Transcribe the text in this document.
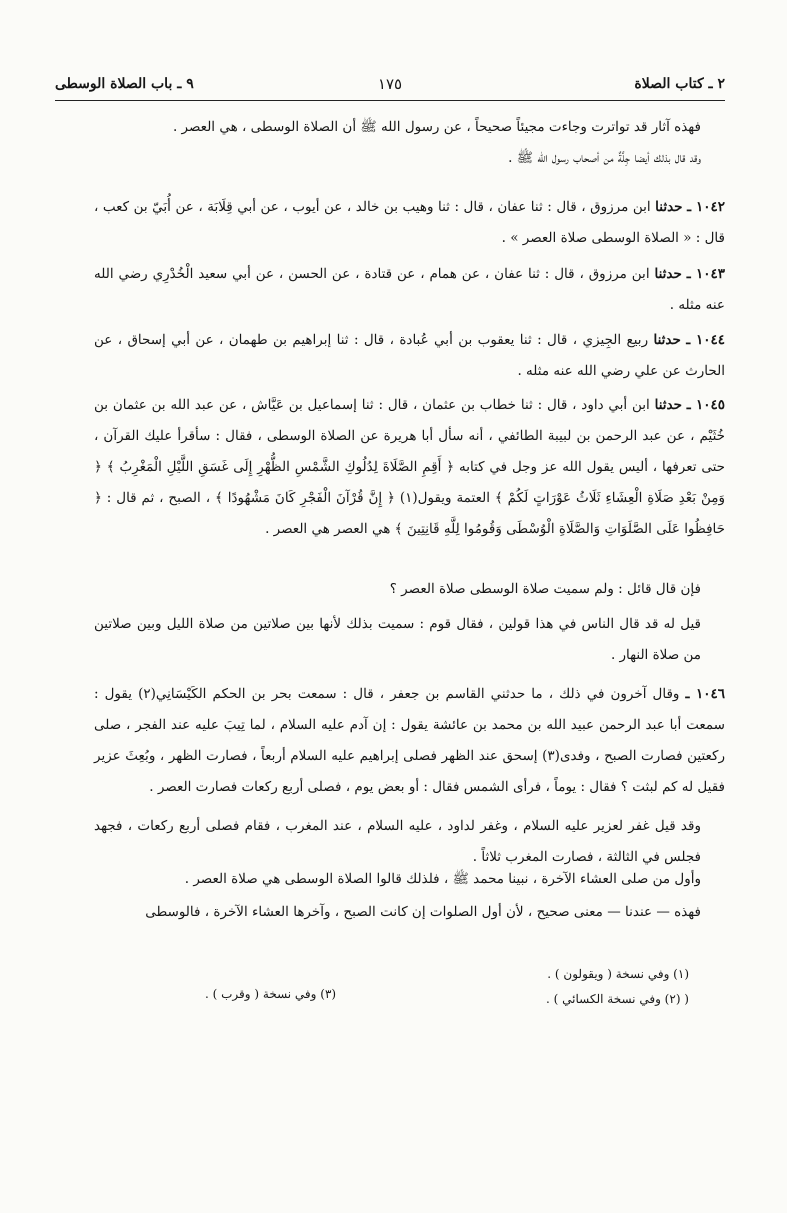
٢ ـ كتاب الصلاة
١٧٥
٩ ـ باب الصلاة الوسطى

فهذه آثار قد تواترت وجاءت مجيئاً صحيحاً ، عن رسول الله ﷺ أن الصلاة الوسطى ، هي العصر .

وقد قال بذلك أيضا جِلَّةٌ من أصحاب رسول الله ﷺ .

١٠٤٢ ـ حدثنا ابن مرزوق ، قال : ثنا عفان ، قال : ثنا وهيب بن خالد ، عن أيوب ، عن أبي قِلَابَة ، عن أُبَيّ بن كعب ، قال : « الصلاة الوسطى صلاة العصر » .

١٠٤٣ ـ حدثنا ابن مرزوق ، قال : ثنا عفان ، عن همام ، عن قتادة ، عن الحسن ، عن أبي سعيد الْخُدْرِي رضي الله عنه مثله .

١٠٤٤ ـ حدثنا ربيع الجِيزي ، قال : ثنا يعقوب بن أبي عُبادة ، قال : ثنا إبراهيم بن طهمان ، عن أبي إسحاق ، عن الحارث عن علي رضي الله عنه مثله .

١٠٤٥ ـ حدثنا ابن أبي داود ، قال : ثنا خطاب بن عثمان ، قال : ثنا إسماعيل بن عَيَّاش ، عن عبد الله بن عثمان بن خُثَيْم ، عن عبد الرحمن بن لبيبة الطائفي ، أنه سأل أبا هريرة عن الصلاة الوسطى ، فقال : سأقرأ عليك القرآن ، حتى تعرفها ، أليس يقول الله عز وجل في كتابه ﴿ أَقِمِ الصَّلَاةَ لِدُلُوكِ الشَّمْسِ الظُّهْرِ إِلَى غَسَقِ اللَّيْلِ الْمَغْرِبُ ﴾ ﴿ وَمِنْ بَعْدِ صَلَاةِ الْعِشَاءِ ثَلَاثُ عَوْرَاتٍ لَكُمْ ﴾ العتمة ويقول(١) ﴿ إِنَّ قُرْآنَ الْفَجْرِ كَانَ مَشْهُودًا ﴾ ، الصبح ، ثم قال : ﴿ حَافِظُوا عَلَى الصَّلَوَاتِ وَالصَّلَاةِ الْوُسْطَى وَقُومُوا لِلَّهِ قَانِتِينَ ﴾ هي العصر هي العصر .

فإن قال قائل : ولم سميت صلاة الوسطى صلاة العصر ؟

قيل له قد قال الناس في هذا قولين ، فقال قوم : سميت بذلك لأنها بين صلاتين من صلاة الليل وبين صلاتين من صلاة النهار .

١٠٤٦ ـ وقال آخرون في ذلك ، ما حدثني القاسم بن جعفر ، قال : سمعت بحر بن الحكم الكَيْسَانِي(٢) يقول : سمعت أبا عبد الرحمن عبيد الله بن محمد بن عائشة يقول : إن آدم عليه السلام ، لما تِيبَ عليه عند الفجر ، صلى ركعتين فصارت الصبح ، وفدى(٣) إسحق عند الظهر فصلى إبراهيم عليه السلام أربعاً ، فصارت الظهر ، وبُعِثَ عزير فقيل له كم لبثت ؟ فقال : يوماً ، فرأى الشمس فقال : أو بعض يوم ، فصلى أربع ركعات فصارت العصر .

وقد قيل غفر لعزير عليه السلام ، وغفر لداود ، عليه السلام ، عند المغرب ، فقام فصلى أربع ركعات ، فجهد فجلس في الثالثة ، فصارت المغرب ثلاثاً .

وأول من صلى العشاء الآخرة ، نبينا محمد ﷺ ، فلذلك قالوا الصلاة الوسطى هي صلاة العصر .

فهذه — عندنا — معنى صحيح ، لأن أول الصلوات إن كانت الصبح ، وآخرها العشاء الآخرة ، فالوسطى

(١) وفي نسخة ( ويقولون ) .
( (٢) وفي نسخة الكسائي ) .
(٣) وفي نسخة ( وقرب ) .
